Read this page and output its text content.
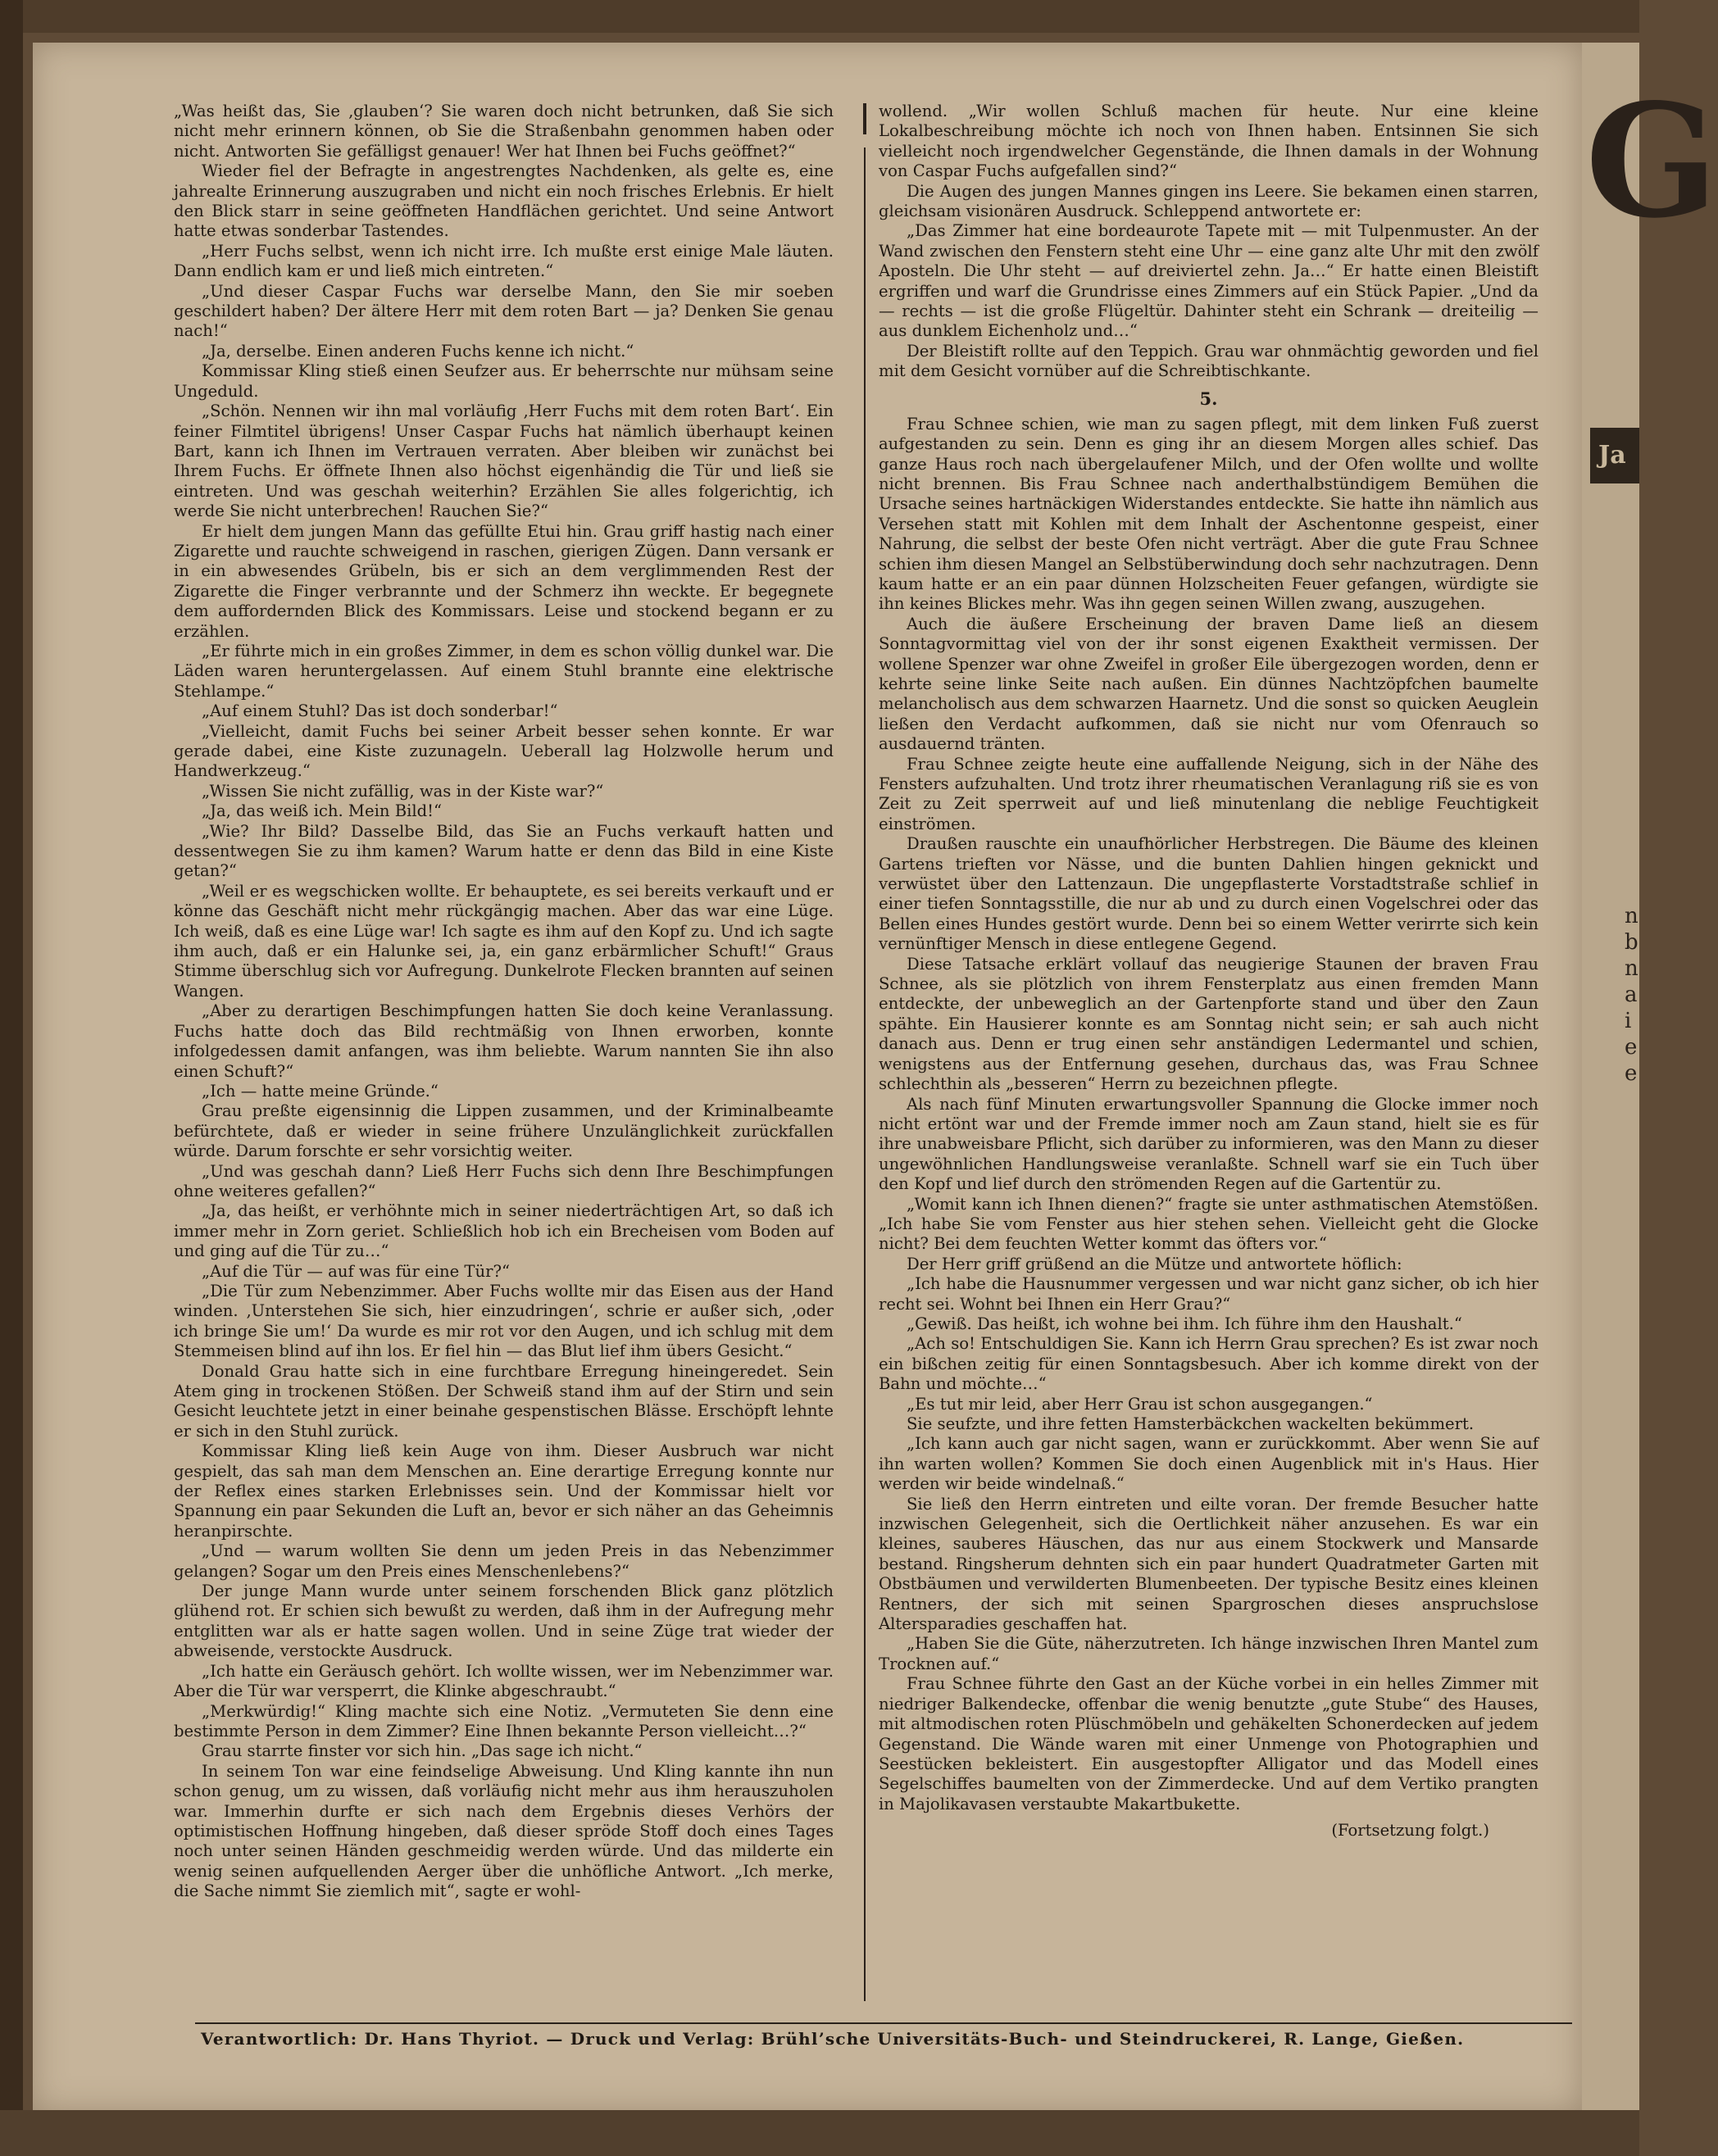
„Was heißt das, Sie ‚glauben‘? Sie waren doch nicht betrunken, daß Sie sich nicht mehr erinnern können, ob Sie die Straßenbahn genommen haben oder nicht. Antworten Sie gefälligst genauer! Wer hat Ihnen bei Fuchs geöffnet?“

Wieder fiel der Befragte in angestrengtes Nachdenken, als gelte es, eine jahrealte Erinnerung auszugraben und nicht ein noch frisches Erlebnis. Er hielt den Blick starr in seine geöffneten Handflächen gerichtet. Und seine Antwort hatte etwas sonderbar Tastendes.

„Herr Fuchs selbst, wenn ich nicht irre. Ich mußte erst einige Male läuten. Dann endlich kam er und ließ mich eintreten.“

„Und dieser Caspar Fuchs war derselbe Mann, den Sie mir soeben geschildert haben? Der ältere Herr mit dem roten Bart — ja? Denken Sie genau nach!“

„Ja, derselbe. Einen anderen Fuchs kenne ich nicht.“

Kommissar Kling stieß einen Seufzer aus. Er beherrschte nur mühsam seine Ungeduld.

„Schön. Nennen wir ihn mal vorläufig ‚Herr Fuchs mit dem roten Bart‘. Ein feiner Filmtitel übrigens! Unser Caspar Fuchs hat nämlich überhaupt keinen Bart, kann ich Ihnen im Vertrauen verraten. Aber bleiben wir zunächst bei Ihrem Fuchs. Er öffnete Ihnen also höchst eigenhändig die Tür und ließ sie eintreten. Und was geschah weiterhin? Erzählen Sie alles folgerichtig, ich werde Sie nicht unterbrechen! Rauchen Sie?“

Er hielt dem jungen Mann das gefüllte Etui hin. Grau griff hastig nach einer Zigarette und rauchte schweigend in raschen, gierigen Zügen. Dann versank er in ein abwesendes Grübeln, bis er sich an dem verglimmenden Rest der Zigarette die Finger verbrannte und der Schmerz ihn weckte. Er begegnete dem auffordernden Blick des Kommissars. Leise und stockend begann er zu erzählen.

„Er führte mich in ein großes Zimmer, in dem es schon völlig dunkel war. Die Läden waren heruntergelassen. Auf einem Stuhl brannte eine elektrische Stehlampe.“

„Auf einem Stuhl? Das ist doch sonderbar!“

„Vielleicht, damit Fuchs bei seiner Arbeit besser sehen konnte. Er war gerade dabei, eine Kiste zuzunageln. Ueberall lag Holzwolle herum und Handwerkzeug.“

„Wissen Sie nicht zufällig, was in der Kiste war?“

„Ja, das weiß ich. Mein Bild!“

„Wie? Ihr Bild? Dasselbe Bild, das Sie an Fuchs verkauft hatten und dessentwegen Sie zu ihm kamen? Warum hatte er denn das Bild in eine Kiste getan?“

„Weil er es wegschicken wollte. Er behauptete, es sei bereits verkauft und er könne das Geschäft nicht mehr rückgängig machen. Aber das war eine Lüge. Ich weiß, daß es eine Lüge war! Ich sagte es ihm auf den Kopf zu. Und ich sagte ihm auch, daß er ein Halunke sei, ja, ein ganz erbärmlicher Schuft!“ Graus Stimme überschlug sich vor Aufregung. Dunkelrote Flecken brannten auf seinen Wangen.

„Aber zu derartigen Beschimpfungen hatten Sie doch keine Veranlassung. Fuchs hatte doch das Bild rechtmäßig von Ihnen erworben, konnte infolgedessen damit anfangen, was ihm beliebte. Warum nannten Sie ihn also einen Schuft?“

„Ich — hatte meine Gründe.“

Grau preßte eigensinnig die Lippen zusammen, und der Kriminalbeamte befürchtete, daß er wieder in seine frühere Unzulänglichkeit zurückfallen würde. Darum forschte er sehr vorsichtig weiter.

„Und was geschah dann? Ließ Herr Fuchs sich denn Ihre Beschimpfungen ohne weiteres gefallen?“

„Ja, das heißt, er verhöhnte mich in seiner niederträchtigen Art, so daß ich immer mehr in Zorn geriet. Schließlich hob ich ein Brecheisen vom Boden auf und ging auf die Tür zu…“

„Auf die Tür — auf was für eine Tür?“

„Die Tür zum Nebenzimmer. Aber Fuchs wollte mir das Eisen aus der Hand winden. ‚Unterstehen Sie sich, hier einzudringen‘, schrie er außer sich, ‚oder ich bringe Sie um!‘ Da wurde es mir rot vor den Augen, und ich schlug mit dem Stemmeisen blind auf ihn los. Er fiel hin — das Blut lief ihm übers Gesicht.“

Donald Grau hatte sich in eine furchtbare Erregung hineingeredet. Sein Atem ging in trockenen Stößen. Der Schweiß stand ihm auf der Stirn und sein Gesicht leuchtete jetzt in einer beinahe gespenstischen Blässe. Erschöpft lehnte er sich in den Stuhl zurück.

Kommissar Kling ließ kein Auge von ihm. Dieser Ausbruch war nicht gespielt, das sah man dem Menschen an. Eine derartige Erregung konnte nur der Reflex eines starken Erlebnisses sein. Und der Kommissar hielt vor Spannung ein paar Sekunden die Luft an, bevor er sich näher an das Geheimnis heranpirschte.

„Und — warum wollten Sie denn um jeden Preis in das Nebenzimmer gelangen? Sogar um den Preis eines Menschenlebens?“

Der junge Mann wurde unter seinem forschenden Blick ganz plötzlich glühend rot. Er schien sich bewußt zu werden, daß ihm in der Aufregung mehr entglitten war als er hatte sagen wollen. Und in seine Züge trat wieder der abweisende, verstockte Ausdruck.

„Ich hatte ein Geräusch gehört. Ich wollte wissen, wer im Nebenzimmer war. Aber die Tür war versperrt, die Klinke abgeschraubt.“

„Merkwürdig!“ Kling machte sich eine Notiz. „Vermuteten Sie denn eine bestimmte Person in dem Zimmer? Eine Ihnen bekannte Person vielleicht…?“

Grau starrte finster vor sich hin. „Das sage ich nicht.“

In seinem Ton war eine feindselige Abweisung. Und Kling kannte ihn nun schon genug, um zu wissen, daß vorläufig nicht mehr aus ihm herauszuholen war. Immerhin durfte er sich nach dem Ergebnis dieses Verhörs der optimistischen Hoffnung hingeben, daß dieser spröde Stoff doch eines Tages noch unter seinen Händen geschmeidig werden würde. Und das milderte ein wenig seinen aufquellenden Aerger über die unhöfliche Antwort. „Ich merke, die Sache nimmt Sie ziemlich mit“, sagte er wohl-

wollend. „Wir wollen Schluß machen für heute. Nur eine kleine Lokalbeschreibung möchte ich noch von Ihnen haben. Entsinnen Sie sich vielleicht noch irgendwelcher Gegenstände, die Ihnen damals in der Wohnung von Caspar Fuchs aufgefallen sind?“

Die Augen des jungen Mannes gingen ins Leere. Sie bekamen einen starren, gleichsam visionären Ausdruck. Schleppend antwortete er:

„Das Zimmer hat eine bordeaurote Tapete mit — mit Tulpenmuster. An der Wand zwischen den Fenstern steht eine Uhr — eine ganz alte Uhr mit den zwölf Aposteln. Die Uhr steht — auf dreiviertel zehn. Ja…“ Er hatte einen Bleistift ergriffen und warf die Grundrisse eines Zimmers auf ein Stück Papier. „Und da — rechts — ist die große Flügeltür. Dahinter steht ein Schrank — dreiteilig — aus dunklem Eichenholz und…“

Der Bleistift rollte auf den Teppich. Grau war ohnmächtig geworden und fiel mit dem Gesicht vornüber auf die Schreibtischkante.

5.

Frau Schnee schien, wie man zu sagen pflegt, mit dem linken Fuß zuerst aufgestanden zu sein. Denn es ging ihr an diesem Morgen alles schief. Das ganze Haus roch nach übergelaufener Milch, und der Ofen wollte und wollte nicht brennen. Bis Frau Schnee nach anderthalbstündigem Bemühen die Ursache seines hartnäckigen Widerstandes entdeckte. Sie hatte ihn nämlich aus Versehen statt mit Kohlen mit dem Inhalt der Aschentonne gespeist, einer Nahrung, die selbst der beste Ofen nicht verträgt. Aber die gute Frau Schnee schien ihm diesen Mangel an Selbstüberwindung doch sehr nachzutragen. Denn kaum hatte er an ein paar dünnen Holzscheiten Feuer gefangen, würdigte sie ihn keines Blickes mehr. Was ihn gegen seinen Willen zwang, auszugehen.

Auch die äußere Erscheinung der braven Dame ließ an diesem Sonntagvormittag viel von der ihr sonst eigenen Exaktheit vermissen. Der wollene Spenzer war ohne Zweifel in großer Eile übergezogen worden, denn er kehrte seine linke Seite nach außen. Ein dünnes Nachtzöpfchen baumelte melancholisch aus dem schwarzen Haarnetz. Und die sonst so quicken Aeuglein ließen den Verdacht aufkommen, daß sie nicht nur vom Ofenrauch so ausdauernd tränten.

Frau Schnee zeigte heute eine auffallende Neigung, sich in der Nähe des Fensters aufzuhalten. Und trotz ihrer rheumatischen Veranlagung riß sie es von Zeit zu Zeit sperrweit auf und ließ minutenlang die neblige Feuchtigkeit einströmen.

Draußen rauschte ein unaufhörlicher Herbstregen. Die Bäume des kleinen Gartens trieften vor Nässe, und die bunten Dahlien hingen geknickt und verwüstet über den Lattenzaun. Die ungepflasterte Vorstadtstraße schlief in einer tiefen Sonntagsstille, die nur ab und zu durch einen Vogelschrei oder das Bellen eines Hundes gestört wurde. Denn bei so einem Wetter verirrte sich kein vernünftiger Mensch in diese entlegene Gegend.

Diese Tatsache erklärt vollauf das neugierige Staunen der braven Frau Schnee, als sie plötzlich von ihrem Fensterplatz aus einen fremden Mann entdeckte, der unbeweglich an der Gartenpforte stand und über den Zaun spähte. Ein Hausierer konnte es am Sonntag nicht sein; er sah auch nicht danach aus. Denn er trug einen sehr anständigen Ledermantel und schien, wenigstens aus der Entfernung gesehen, durchaus das, was Frau Schnee schlechthin als „besseren“ Herrn zu bezeichnen pflegte.

Als nach fünf Minuten erwartungsvoller Spannung die Glocke immer noch nicht ertönt war und der Fremde immer noch am Zaun stand, hielt sie es für ihre unabweisbare Pflicht, sich darüber zu informieren, was den Mann zu dieser ungewöhnlichen Handlungsweise veranlaßte. Schnell warf sie ein Tuch über den Kopf und lief durch den strömenden Regen auf die Gartentür zu.

„Womit kann ich Ihnen dienen?“ fragte sie unter asthmatischen Atemstößen. „Ich habe Sie vom Fenster aus hier stehen sehen. Vielleicht geht die Glocke nicht? Bei dem feuchten Wetter kommt das öfters vor.“

Der Herr griff grüßend an die Mütze und antwortete höflich:

„Ich habe die Hausnummer vergessen und war nicht ganz sicher, ob ich hier recht sei. Wohnt bei Ihnen ein Herr Grau?“

„Gewiß. Das heißt, ich wohne bei ihm. Ich führe ihm den Haushalt.“

„Ach so! Entschuldigen Sie. Kann ich Herrn Grau sprechen? Es ist zwar noch ein bißchen zeitig für einen Sonntagsbesuch. Aber ich komme direkt von der Bahn und möchte…“

„Es tut mir leid, aber Herr Grau ist schon ausgegangen.“

Sie seufzte, und ihre fetten Hamsterbäckchen wackelten bekümmert.

„Ich kann auch gar nicht sagen, wann er zurückkommt. Aber wenn Sie auf ihn warten wollen? Kommen Sie doch einen Augenblick mit in's Haus. Hier werden wir beide windelnaß.“

Sie ließ den Herrn eintreten und eilte voran. Der fremde Besucher hatte inzwischen Gelegenheit, sich die Oertlichkeit näher anzusehen. Es war ein kleines, sauberes Häuschen, das nur aus einem Stockwerk und Mansarde bestand. Ringsherum dehnten sich ein paar hundert Quadratmeter Garten mit Obstbäumen und verwilderten Blumenbeeten. Der typische Besitz eines kleinen Rentners, der sich mit seinen Spargroschen dieses anspruchslose Altersparadies geschaffen hat.

„Haben Sie die Güte, näherzutreten. Ich hänge inzwischen Ihren Mantel zum Trocknen auf.“

Frau Schnee führte den Gast an der Küche vorbei in ein helles Zimmer mit niedriger Balkendecke, offenbar die wenig benutzte „gute Stube“ des Hauses, mit altmodischen roten Plüschmöbeln und gehäkelten Schonerdecken auf jedem Gegenstand. Die Wände waren mit einer Unmenge von Photographien und Seestücken bekleistert. Ein ausgestopfter Alligator und das Modell eines Segelschiffes baumelten von der Zimmerdecke. Und auf dem Vertiko prangten in Majolikavasen verstaubte Makartbukette.

(Fortsetzung folgt.)

Verantwortlich: Dr. Hans Thyriot. — Druck und Verlag: Brühl’sche Universitäts-Buch- und Steindruckerei, R. Lange, Gießen.
G
Ja
n b n a i e e
